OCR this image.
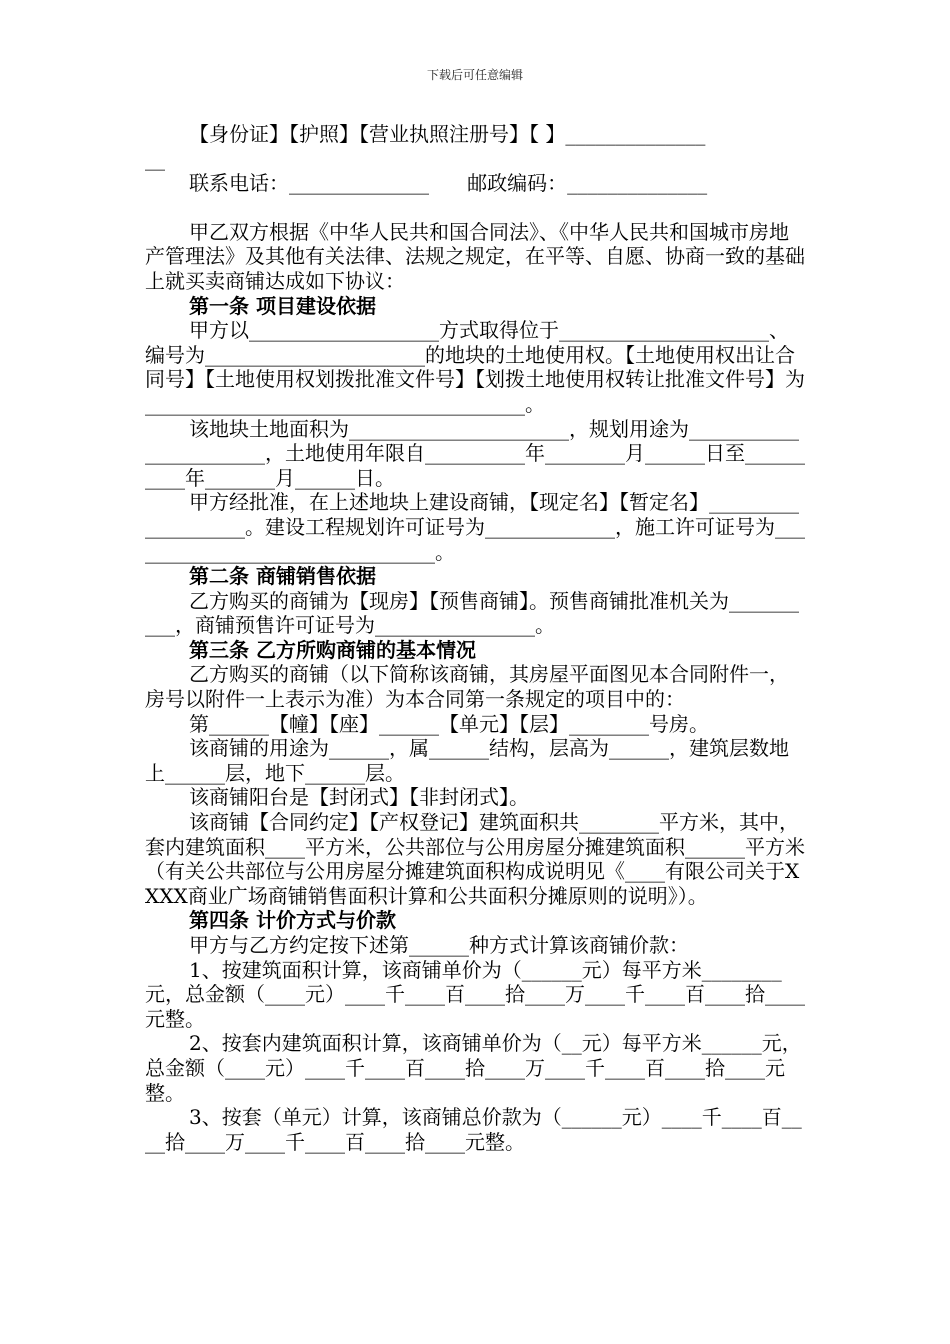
下载后可任意编辑

【身份证】【护照】【营业执照注册号】【 】______________

__

联系电话：______________      邮政编码：______________

甲乙双方根据《中华人民共和国合同法》、《中华人民共和国城市房地产管理法》及其他有关法律、法规之规定，在平等、自愿、协商一致的基础上就买卖商铺达成如下协议：

第一条 项目建设依据

甲方以___________________方式取得位于_____________________、编号为______________________的地块的土地使用权。【土地使用权出让合同号】【土地使用权划拨批准文件号】【划拨土地使用权转让批准文件号】为______________________________________。

该地块土地面积为______________________，规划用途为_______________________，土地使用年限自__________年________月______日至__________年_______月______日。

甲方经批准，在上述地块上建设商铺，【现定名】【暂定名】___________________。建设工程规划许可证号为_____________，施工许可证号为________________________________。

第二条 商铺销售依据

乙方购买的商铺为【现房】【预售商铺】。预售商铺批准机关为__________，商铺预售许可证号为________________。

第三条 乙方所购商铺的基本情况

乙方购买的商铺（以下简称该商铺，其房屋平面图见本合同附件一，房号以附件一上表示为准）为本合同第一条规定的项目中的：

第______【幢】【座】______【单元】【层】________号房。

该商铺的用途为______，属______结构，层高为______，建筑层数地上______层，地下______层。

该商铺阳台是【封闭式】【非封闭式】。

该商铺【合同约定】【产权登记】建筑面积共________平方米，其中，套内建筑面积____平方米，公共部位与公用房屋分摊建筑面积______平方米（有关公共部位与公用房屋分摊建筑面积构成说明见《____有限公司关于XXXX商业广场商铺销售面积计算和公共面积分摊原则的说明》）。

第四条 计价方式与价款

甲方与乙方约定按下述第______种方式计算该商铺价款：

1、按建筑面积计算，该商铺单价为（______元）每平方米________元，总金额（____元）____千____百____拾____万____千____百____拾____元整。

2、按套内建筑面积计算，该商铺单价为（__元）每平方米______元，总金额（____元）____千____百____拾____万____千____百____拾____元整。

3、按套（单元）计算，该商铺总价款为（______元）____千____百____拾____万____千____百____拾____元整。
